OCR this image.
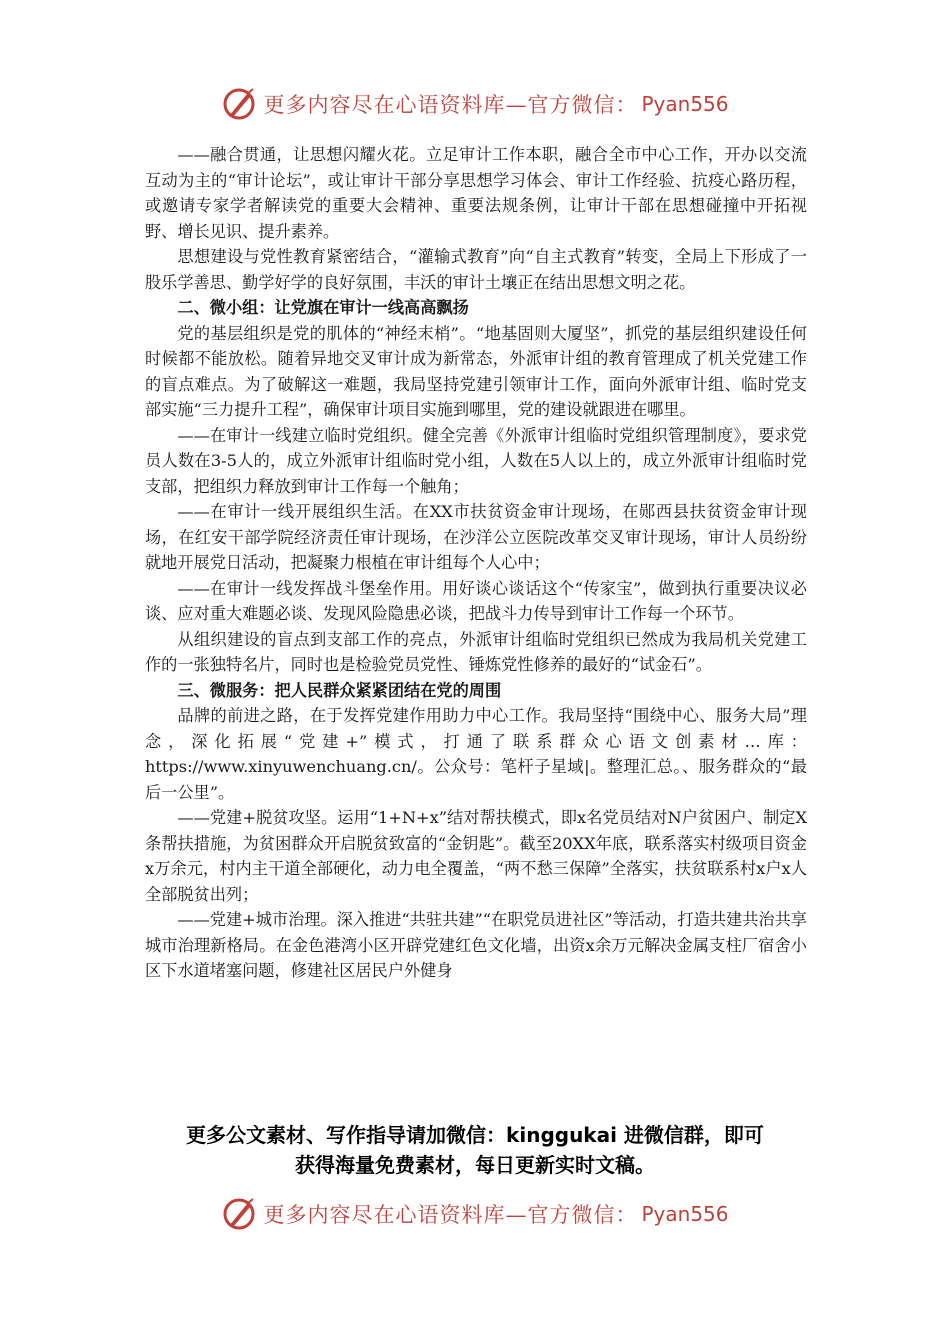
更多内容尽在心语资料库—官方微信： Pyan556

——融合贯通，让思想闪耀火花。立足审计工作本职，融合全市中心工作，开办以交流互动为主的“审计论坛”，或让审计干部分享思想学习体会、审计工作经验、抗疫心路历程，或邀请专家学者解读党的重要大会精神、重要法规条例，让审计干部在思想碰撞中开拓视野、增长见识、提升素养。

思想建设与党性教育紧密结合，“灌输式教育”向“自主式教育”转变，全局上下形成了一股乐学善思、勤学好学的良好氛围，丰沃的审计土壤正在结出思想文明之花。

二、微小组：让党旗在审计一线高高飘扬

党的基层组织是党的肌体的“神经末梢”。“地基固则大厦坚”，抓党的基层组织建设任何时候都不能放松。随着异地交叉审计成为新常态，外派审计组的教育管理成了机关党建工作的盲点难点。为了破解这一难题，我局坚持党建引领审计工作，面向外派审计组、临时党支部实施“三力提升工程”，确保审计项目实施到哪里，党的建设就跟进在哪里。

——在审计一线建立临时党组织。健全完善《外派审计组临时党组织管理制度》，要求党员人数在3-5人的，成立外派审计组临时党小组，人数在5人以上的，成立外派审计组临时党支部，把组织力释放到审计工作每一个触角；

——在审计一线开展组织生活。在XX市扶贫资金审计现场，在郧西县扶贫资金审计现场，在红安干部学院经济责任审计现场，在沙洋公立医院改革交叉审计现场，审计人员纷纷就地开展党日活动，把凝聚力根植在审计组每个人心中；

——在审计一线发挥战斗堡垒作用。用好谈心谈话这个“传家宝”，做到执行重要决议必谈、应对重大难题必谈、发现风险隐患必谈，把战斗力传导到审计工作每一个环节。

从组织建设的盲点到支部工作的亮点，外派审计组临时党组织已然成为我局机关党建工作的一张独特名片，同时也是检验党员党性、锤炼党性修养的最好的“试金石”。

三、微服务：把人民群众紧紧团结在党的周围

品牌的前进之路，在于发挥党建作用助力中心工作。我局坚持“围绕中心、服务大局”理念，深化拓展“党建+”模式，打通了联系群众心语文创素材…库：https://www.xinyuwenchuang.cn/。公众号：笔杆子星域|。整理汇总。、服务群众的“最后一公里”。

——党建+脱贫攻坚。运用“1+N+x”结对帮扶模式，即x名党员结对N户贫困户、制定X条帮扶措施，为贫困群众开启脱贫致富的“金钥匙”。截至20XX年底，联系落实村级项目资金x万余元，村内主干道全部硬化，动力电全覆盖，“两不愁三保障”全落实，扶贫联系村x户x人全部脱贫出列；

——党建+城市治理。深入推进“共驻共建”“在职党员进社区”等活动，打造共建共治共享城市治理新格局。在金色港湾小区开辟党建红色文化墙，出资x余万元解决金属支柱厂宿舍小区下水道堵塞问题，修建社区居民户外健身

更多公文素材、写作指导请加微信：kinggukai 进微信群，即可
获得海量免费素材，每日更新实时文稿。
更多内容尽在心语资料库—官方微信： Pyan556
